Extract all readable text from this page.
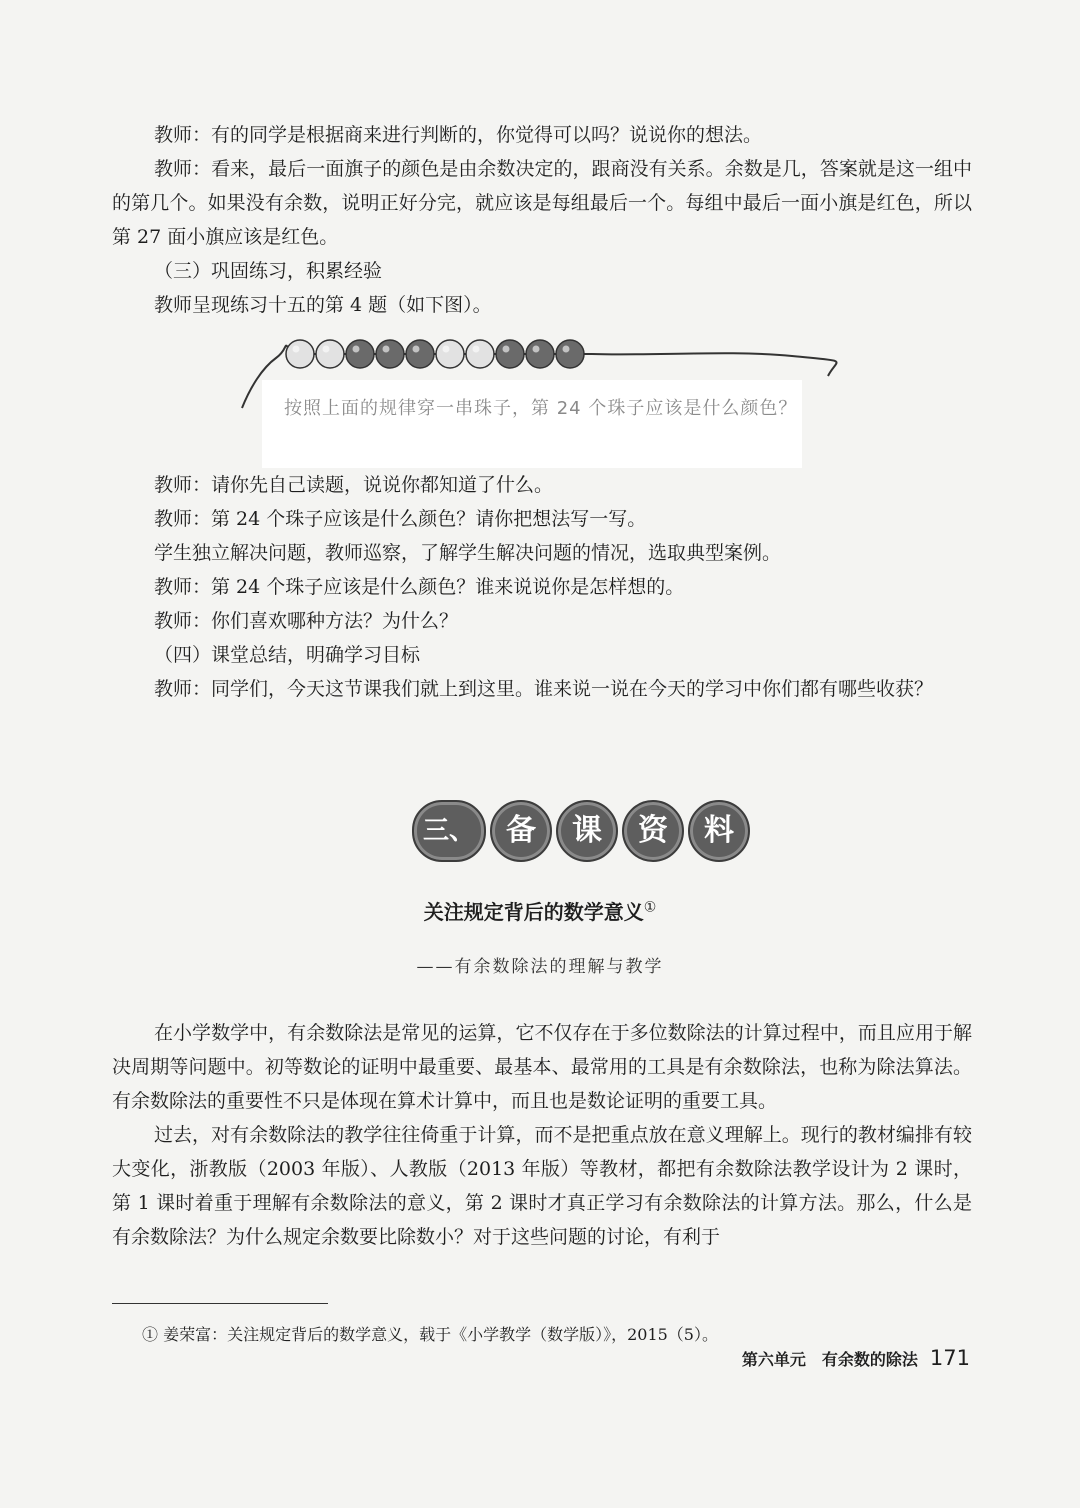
教师：有的同学是根据商来进行判断的，你觉得可以吗？说说你的想法。

教师：看来，最后一面旗子的颜色是由余数决定的，跟商没有关系。余数是几，答案就是这一组中的第几个。如果没有余数，说明正好分完，就应该是每组最后一个。每组中最后一面小旗是红色，所以第 27 面小旗应该是红色。

（三）巩固练习，积累经验

教师呈现练习十五的第 4 题（如下图）。

按照上面的规律穿一串珠子，第 24 个珠子应该是什么颜色？

教师：请你先自己读题，说说你都知道了什么。

教师：第 24 个珠子应该是什么颜色？请你把想法写一写。

学生独立解决问题，教师巡察，了解学生解决问题的情况，选取典型案例。

教师：第 24 个珠子应该是什么颜色？谁来说说你是怎样想的。

教师：你们喜欢哪种方法？为什么？

（四）课堂总结，明确学习目标

教师：同学们，今天这节课我们就上到这里。谁来说一说在今天的学习中你们都有哪些收获？

三、	备	课	资	料
关注规定背后的数学意义①
——有余数除法的理解与教学

在小学数学中，有余数除法是常见的运算，它不仅存在于多位数除法的计算过程中，而且应用于解决周期等问题中。初等数论的证明中最重要、最基本、最常用的工具是有余数除法，也称为除法算法。有余数除法的重要性不只是体现在算术计算中，而且也是数论证明的重要工具。

过去，对有余数除法的教学往往倚重于计算，而不是把重点放在意义理解上。现行的教材编排有较大变化，浙教版（2003 年版）、人教版（2013 年版）等教材，都把有余数除法教学设计为 2 课时，第 1 课时着重于理解有余数除法的意义，第 2 课时才真正学习有余数除法的计算方法。那么，什么是有余数除法？为什么规定余数要比除数小？对于这些问题的讨论，有利于

① 姜荣富：关注规定背后的数学意义，载于《小学教学（数学版）》，2015（5）。
第六单元　有余数的除法 171
